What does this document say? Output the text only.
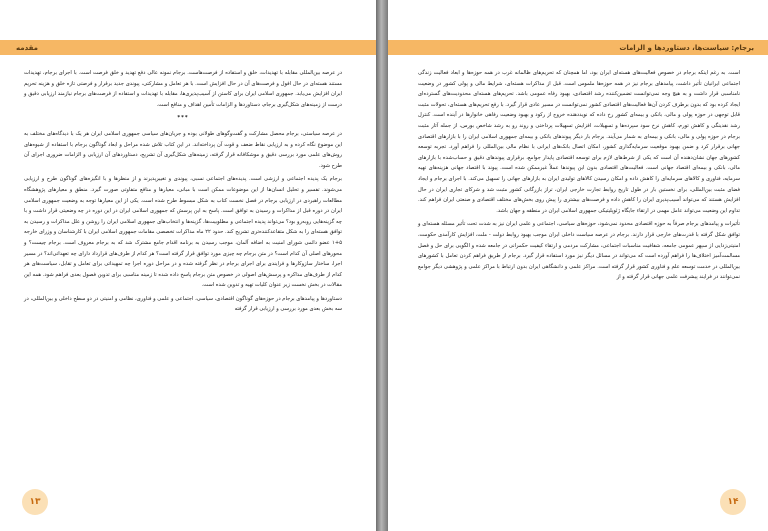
مقدمه

در عرصه بین‌المللی مقابله با تهدیدات، خلق و استفاده از فرصت‌هاست. برجام نمونه عالی دفع تهدید و خلق فرصت است. با اجرای برجام، تهدیدات مستند هسته‌ای در حال افول و فرصت‌های آن در حال افزایش است. با هر تعامل و مشارکتی، پیوندی جدید برقرار و فرصتی تازه خلق و هزینه تحریم ایران افزایش می‌یابد. جمهوری اسلامی ایران برای کاستن از آسیب‌پذیری‌ها، مقابله با تهدیدات و استفاده از فرصت‌های برجام نیازمند ارزیابی دقیق و درست از زمینه‌های شکل‌گیری برجام، دستاوردها و الزامات تأمین اهداف و منافع است.

***

در عرصه سیاستی، برجام محصل مشارکت و گفت‌وگوهای طولانی بوده و جریان‌های سیاسی جمهوری اسلامی ایران هر یک با دیدگاه‌های مختلف به این موضوع نگاه کرده و به ارزیابی نقاط ضعف و قوت آن پرداخته‌اند. در این کتاب تلاش شده مراحل و ابعاد گوناگون برجام با استفاده از شیوه‌های روش‌های علمی مورد بررسی دقیق و موشکافانه قرار گرفته، زمینه‌های شکل‌گیری آن تشریح، دستاوردهای آن ارزیابی و الزامات ضروری اجرای آن طرح شود.

برجام یک پدیده اجتماعی و ارزشی است. پدیده‌های اجتماعی نسبی، پیوندی و تغییرپذیرند و از منظرها و با انگیزه‌های گوناگون طرح و ارزیابی می‌شوند. تفسیر و تحلیل انسان‌ها از این موضوعات ممکن است با مبانی، معیارها و منافع متفاوتی صورت گیرد. منطق و معیارهای پژوهشگاه مطالعات راهبردی در ارزیابی برجام در فصل نخست کتاب به شکل مبسوط طرح شده است. یکی از این معیارها توجه به وضعیت جمهوری اسلامی ایران در دوره قبل از مذاکرات و رسیدن به توافق است. پاسخ به این پرسش که جمهوری اسلامی ایران در این دوره در چه وضعیتی قرار داشت و با چه گزینه‌هایی روبه‌رو بود؟ می‌تواند پدیده اجتماعی و مطلوبیت‌ها، گزینه‌ها و انتخاب‌های جمهوری اسلامی ایران را روشن و علل مذاکرات و رسیدن به توافق هسته‌ای را به شکل متقاعدکننده‌تری تشریح کند. حدود ۲۲ ماه مذاکرات تخصصی مقامات جمهوری اسلامی ایران با کارشناسان و وزرای خارجه ۵+۱ عضو دائمی شورای امنیت به اضافه آلمان، موجب رسیدن به برنامه اقدام جامع مشترک شد که به برجام معروف است. برجام چیست؟ و محورهای اصلی آن کدام است؟ در متن برجام چه چیزی مورد توافق قرار گرفته است؟ هر کدام از طرف‌های قرارداد دارای چه تعهداتی‌اند؟ در مسیر اجرا، ساختار سازوکارها و فرایندی برای اجرای برجام در نظر گرفته شده و در مراحل دوره اجرا چه تمهیداتی برای تعامل و تقابل، سیاست‌های هر کدام از طرف‌های مذاکره و پرسش‌های اصولی در خصوص متن برجام پاسخ داده شده تا زمینه مناسبی برای تدوین فصول بعدی فراهم شود. همه این مقالات در بخش نخست زیر عنوان کلیات تهیه و تدوین شده است.

دستاوردها و پیامدهای برجام در حوزه‌های گوناگون اقتصادی، سیاسی، اجتماعی و علمی و فناوری، نظامی و امنیتی در دو سطح داخلی و بین‌المللی، در سه بخش بعدی مورد بررسی و ارزیابی قرار گرفته

۱۳
برجام: سیاست‌ها، دستاوردها و الزامات

است. به رغم اینکه برجام در خصوص فعالیت‌های هسته‌ای ایران بود، اما همچنان که تحریم‌های ظالمانه غرب در همه حوزه‌ها و ابعاد فعالیت زندگی اجتماعی ایرانیان تأثیر داشت، پیامدهای برجام نیز در همه حوزه‌ها ملموس است. قبل از مذاکرات هسته‌ای، شرایط مالی و پولی کشور در وضعیت نامناسبی قرار داشت و به هیچ وجه نمی‌توانست تضمین‌کننده رشد اقتصادی، بهبود رفاه عمومی باشد. تحریم‌های هسته‌ای محدودیت‌های گسترده‌ای ایجاد کرده بود که بدون برطرف کردن آن‌ها فعالیت‌های اقتصادی کشور نمی‌توانست در مسیر عادی قرار گیرد. با رفع تحریم‌های هسته‌ای، تحولات مثبت قابل توجهی در حوزه پولی و مالی، بانکی و بیمه‌ای کشور رخ داده که نویددهنده خروج از رکود و بهبود وضعیت رفاهی خانوارها در آینده است. کنترل رشد نقدینگی و کاهش تورم، کاهش نرخ سود سپرده‌ها و تسهیلات، افزایش تسهیلات پرداختی و روند رو به رشد شاخص بورس، از جمله آثار مثبت برجام در حوزه پولی و مالی، بانکی و بیمه‌ای به شمار می‌آیند. برجام بار دیگر پیوندهای بانکی و بیمه‌ای جمهوری اسلامی ایران را با بازارهای اقتصادی جهانی برقرار کرد و ضمن بهبود موقعیت سرمایه‌گذاری کشور، امکان اتصال بانک‌های ایرانی با نظام مالی بین‌المللی را فراهم آورد. تجربه توسعه کشورهای جهان نشان‌دهنده آن است که یکی از شرط‌های لازم برای توسعه اقتصادی پایدار جوامع، برقراری پیوندهای دقیق و حساب‌شده با بازارهای مالی، بانکی و بیمه‌ای اقتصاد جهانی است. فعالیت‌های اقتصادی بدون این پیوندها عملاً غیرممکن شده است. پیوند با اقتصاد جهانی هزینه‌های تهیه سرمایه، فناوری و کالاهای سرمایه‌ای را کاهش داده و امکان رسیدن کالاهای تولیدی ایران به بازارهای جهانی را تسهیل می‌کند. با اجرای برجام و ایجاد فضای مثبت بین‌المللی، برای نخستین بار در طول تاریخ روابط تجارت خارجی ایران، تراز بازرگانی کشور مثبت شد و شرکای تجاری ایران در حال افزایش هستند که می‌تواند آسیب‌پذیری ایران را کاهش داده و فرصت‌های بیشتری را پیش روی بخش‌های مختلف اقتصادی و صنعتی ایران فراهم کند. تداوم این وضعیت می‌تواند عامل مهمی در ارتقاء جایگاه ژئوپلیتیکی جمهوری اسلامی ایران در منطقه و جهان باشد.

تأثیرات و پیامدهای برجام صرفاً به حوزه اقتصادی محدود نمی‌شود، حوزه‌های سیاسی، اجتماعی و علمی ایران نیز به شدت تحت تأثیر مسئله هسته‌ای و توافق شکل گرفته با قدرت‌های خارجی قرار دارند. برجام در عرصه سیاست داخلی ایران موجب بهبود روابط دولت - ملت، افزایش کارآمدی حکومت، امنیتی‌زدایی از سپهر عمومی جامعه، شفافیت مناسبات اجتماعی، مشارکت مردمی و ارتقاء کیفیت حکمرانی در جامعه شده و الگویی برای حل و فصل مسالمت‌آمیز اختلاف‌ها را فراهم آورده است که می‌تواند در مسائل دیگر نیز مورد استفاده قرار گیرد. برجام از طریق فراهم کردن تعامل با کشورهای بین‌المللی در خدمت توسعه علم و فناوری کشور قرار گرفته است. مراکز علمی و دانشگاهی ایران بدون ارتباط با مراکز علمی و پژوهشی دیگر جوامع نمی‌توانند در فرایند پیشرفت علمی جهانی قرار گرفته و از

۱۴
